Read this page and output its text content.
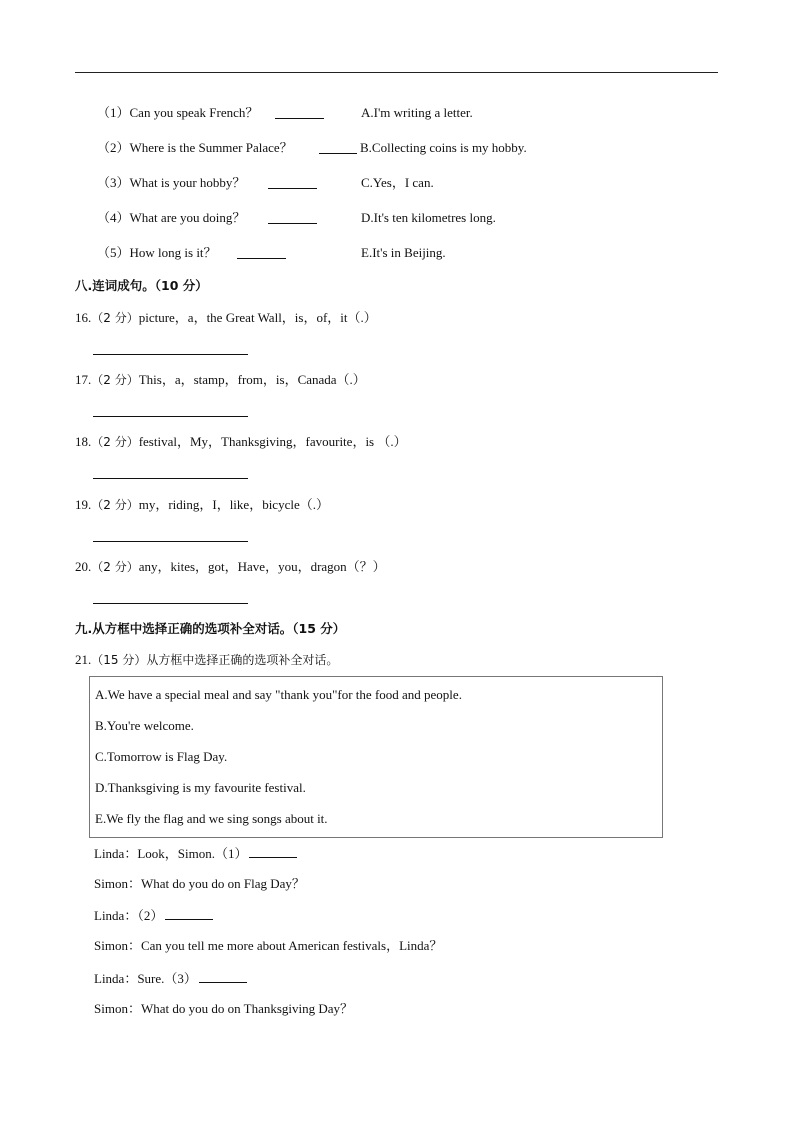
（1）Can you speak French？	A.I'm writing a letter.
（2）Where is the Summer Palace？	B.Collecting coins is my hobby.
（3）What is your hobby？	C.Yes，I can.
（4）What are you doing？	D.It's ten kilometres long.
（5）How long is it？	E.It's in Beijing.
八.连词成句。（10 分）
16.（2 分）picture，a，the Great Wall，is，of，it（.）
17.（2 分）This，a，stamp，from，is，Canada（.）
18.（2 分）festival，My，Thanksgiving，favourite，is （.）
19.（2 分）my，riding，I，like，bicycle（.）
20.（2 分）any，kites，got，Have，you，dragon（？）
九.从方框中选择正确的选项补全对话。（15 分）
21.（15 分）从方框中选择正确的选项补全对话。
A.We have a special meal and say "thank you"for the food and people.
B.You're welcome.
C.Tomorrow is Flag Day.
D.Thanksgiving is my favourite festival.
E.We fly the flag and we sing songs about it.
Linda：Look，Simon.（1）
Simon：What do you do on Flag Day？
Linda：（2）
Simon：Can you tell me more about American festivals，Linda？
Linda：Sure.（3）
Simon：What do you do on Thanksgiving Day？
